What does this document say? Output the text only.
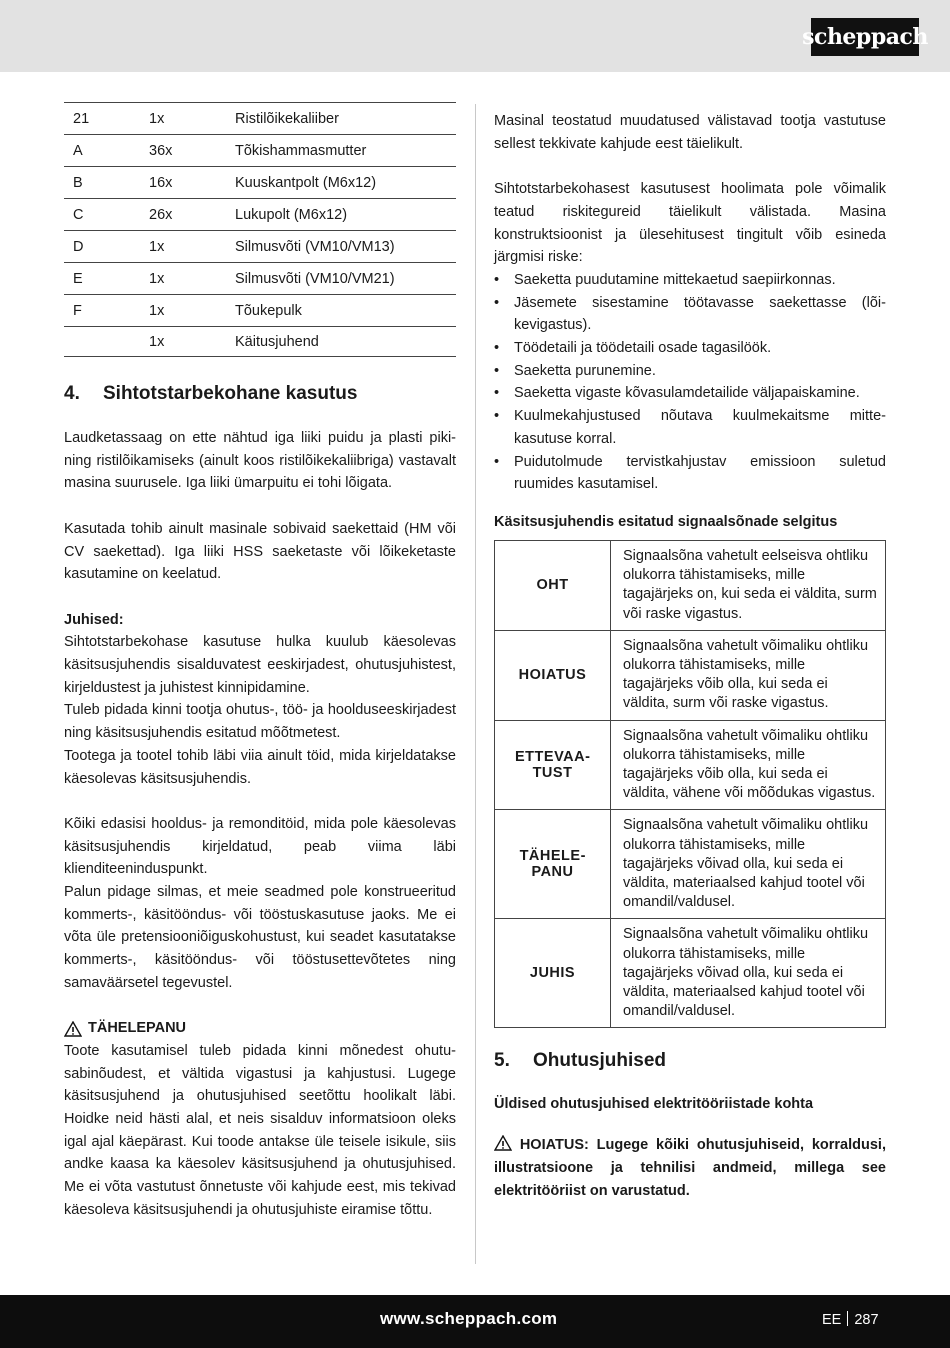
scheppach
21	1x	Ristilõikekaliiber
A	36x	Tõkishammasmutter
B	16x	Kuuskantpolt (M6x12)
C	26x	Lukupolt (M6x12)
D	1x	Silmusvõti (VM10/VM13)
E	1x	Silmusvõti (VM10/VM21)
F	1x	Tõukepulk
	1x	Käitusjuhend
4. Sihtotstarbekohane kasutus

Laudketassaag on ette nähtud iga liiki puidu ja plasti piki- ning ristilõikamiseks (ainult koos ristilõikekaliibriga) vastavalt masina suurusele. Iga liiki ümarpuitu ei tohi lõigata.

Kasutada tohib ainult masinale sobivaid saekettaid (HM või CV saekettad). Iga liiki HSS saeketaste või lõikeketaste kasutamine on keelatud.

Juhised:

Sihtotstarbekohase kasutuse hulka kuulub käesolevas käsitsusjuhendis sisalduvatest eeskirjadest, ohutusjuhistest, kirjeldustest ja juhistest kinnipidamine.

Tuleb pidada kinni tootja ohutus-, töö- ja hoolduseeskirjadest ning käsitsusjuhendis esitatud mõõtmetest.

Tootega ja tootel tohib läbi viia ainult töid, mida kirjeldatakse käesolevas käsitsusjuhendis.

Kõiki edasisi hooldus- ja remonditöid, mida pole käesolevas käsitsusjuhendis kirjeldatud, peab viima läbi klienditeeninduspunkt.

Palun pidage silmas, et meie seadmed pole konstrueeritud kommerts-, käsitööndus- või tööstuskasutuse jaoks. Me ei võta üle pretensiooniõiguskohustust, kui seadet kasutatakse kommerts-, käsitööndus- või tööstusettevõtetes ning samaväärsetel tegevustel.

TÄHELEPANU

Toote kasutamisel tuleb pidada kinni mõnedest ohutusabinõudest, et vältida vigastusi ja kahjustusi. Lugege käsitsusjuhend ja ohutusjuhised seetõttu hoolikalt läbi. Hoidke neid hästi alal, et neis sisalduv informatsioon oleks igal ajal käepärast. Kui toode antakse üle teisele isikule, siis andke kaasa ka käesolev käsitsusjuhend ja ohutusjuhised. Me ei võta vastutust õnnetuste või kahjude eest, mis tekivad käesoleva käsitsusjuhendi ja ohutusjuhiste eiramise tõttu.

Masinal teostatud muudatused välistavad tootja vastutuse sellest tekkivate kahjude eest täielikult.

Sihtotstarbekohasest kasutusest hoolimata pole võimalik teatud riskitegureid täielikult välistada. Masina konstruktsioonist ja ülesehitusest tingitult võib esineda järgmisi riske:

• Saeketta puudutamine mittekaetud saepiirkonnas.
• Jäsemete sisestamine töötavasse saekettasse (lõikevigastus).
• Töödetaili ja töödetaili osade tagasilöök.
• Saeketta purunemine.
• Saeketta vigaste kõvasulamdetailide väljapaiskamine.
• Kuulmekahjustused nõutava kuulmekaitsme mittekasutuse korral.
• Puidutolmude tervistkahjustav emissioon suletud ruumides kasutamisel.
Käsitsusjuhendis esitatud signaalsõnade selgitus
OHT	Signaalsõna vahetult eelseisva ohtliku olukorra tähistamiseks, mille tagajärjeks on, kui seda ei väldita, surm või raske vigastus.
HOIATUS	Signaalsõna vahetult võimaliku ohtliku olukorra tähistamiseks, mille tagajärjeks võib olla, kui seda ei väldita, surm või raske vigastus.
ETTEVAATUST	Signaalsõna vahetult võimaliku ohtliku olukorra tähistamiseks, mille tagajärjeks võib olla, kui seda ei väldita, vähene või mõõdukas vigastus.
TÄHELEPANU	Signaalsõna vahetult võimaliku ohtliku olukorra tähistamiseks, mille tagajärjeks võivad olla, kui seda ei väldita, materiaalsed kahjud tootel või omandil/valdusel.
JUHIS	Signaalsõna vahetult võimaliku ohtliku olukorra tähistamiseks, mille tagajärjeks võivad olla, kui seda ei väldita, materiaalsed kahjud tootel või omandil/valdusel.
5. Ohutusjuhised
Üldised ohutusjuhised elektritööriistade kohta
HOIATUS: Lugege kõiki ohutusjuhiseid, korraldusi, illustratsioone ja tehnilisi andmeid, millega see elektritööriist on varustatud.
www.scheppach.com	EE 287
